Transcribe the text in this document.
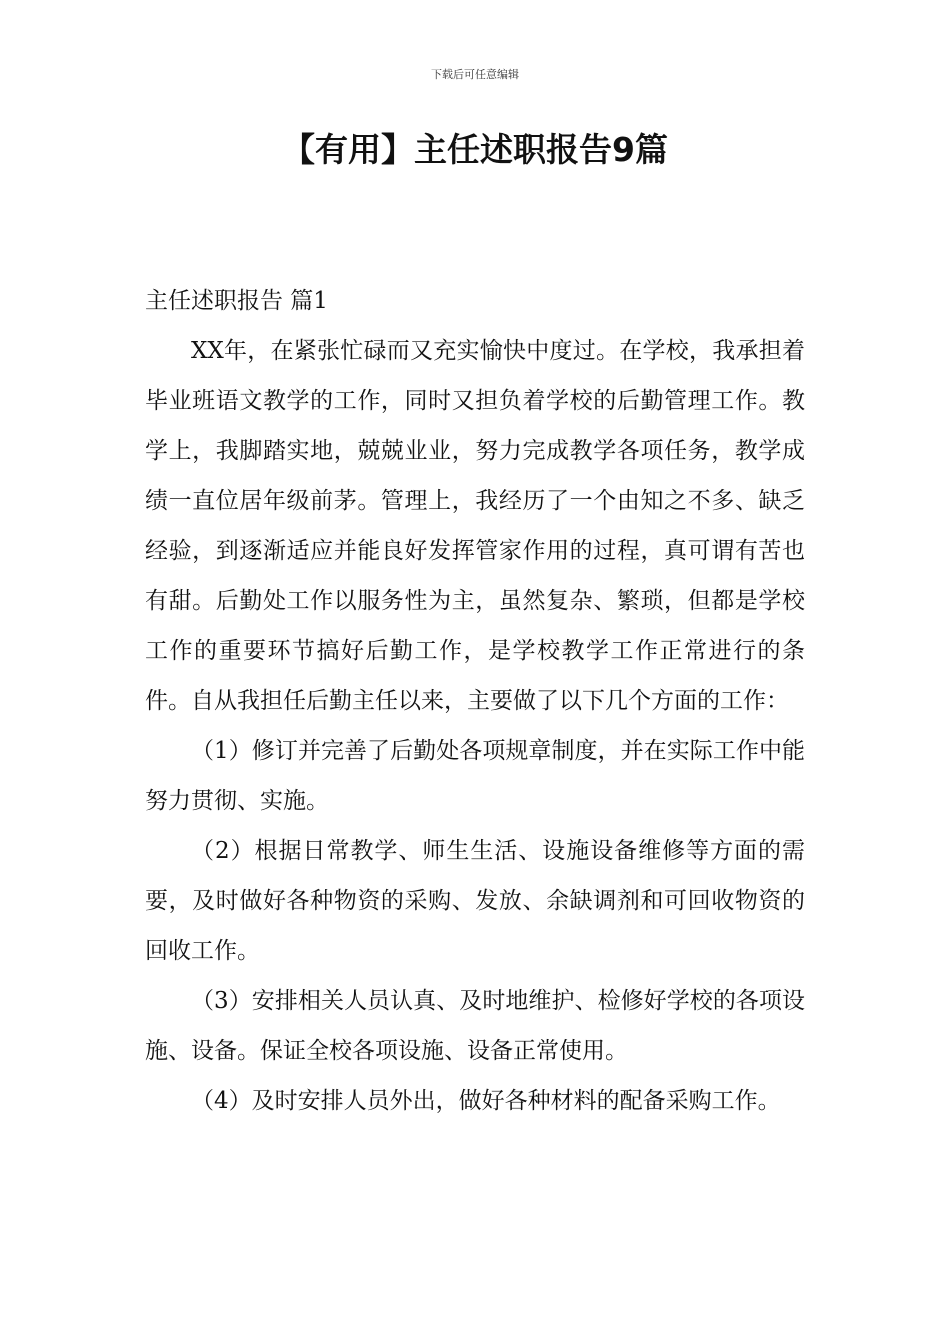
下载后可任意编辑
【有用】主任述职报告9篇
主任述职报告 篇1

XX年，在紧张忙碌而又充实愉快中度过。在学校，我承担着毕业班语文教学的工作，同时又担负着学校的后勤管理工作。教学上，我脚踏实地，兢兢业业，努力完成教学各项任务，教学成绩一直位居年级前茅。管理上，我经历了一个由知之不多、缺乏经验，到逐渐适应并能良好发挥管家作用的过程，真可谓有苦也有甜。后勤处工作以服务性为主，虽然复杂、繁琐，但都是学校工作的重要环节搞好后勤工作，是学校教学工作正常进行的条件。自从我担任后勤主任以来，主要做了以下几个方面的工作：

（1）修订并完善了后勤处各项规章制度，并在实际工作中能努力贯彻、实施。

（2）根据日常教学、师生生活、设施设备维修等方面的需要，及时做好各种物资的采购、发放、余缺调剂和可回收物资的回收工作。

（3）安排相关人员认真、及时地维护、检修好学校的各项设施、设备。保证全校各项设施、设备正常使用。

（4）及时安排人员外出，做好各种材料的配备采购工作。
